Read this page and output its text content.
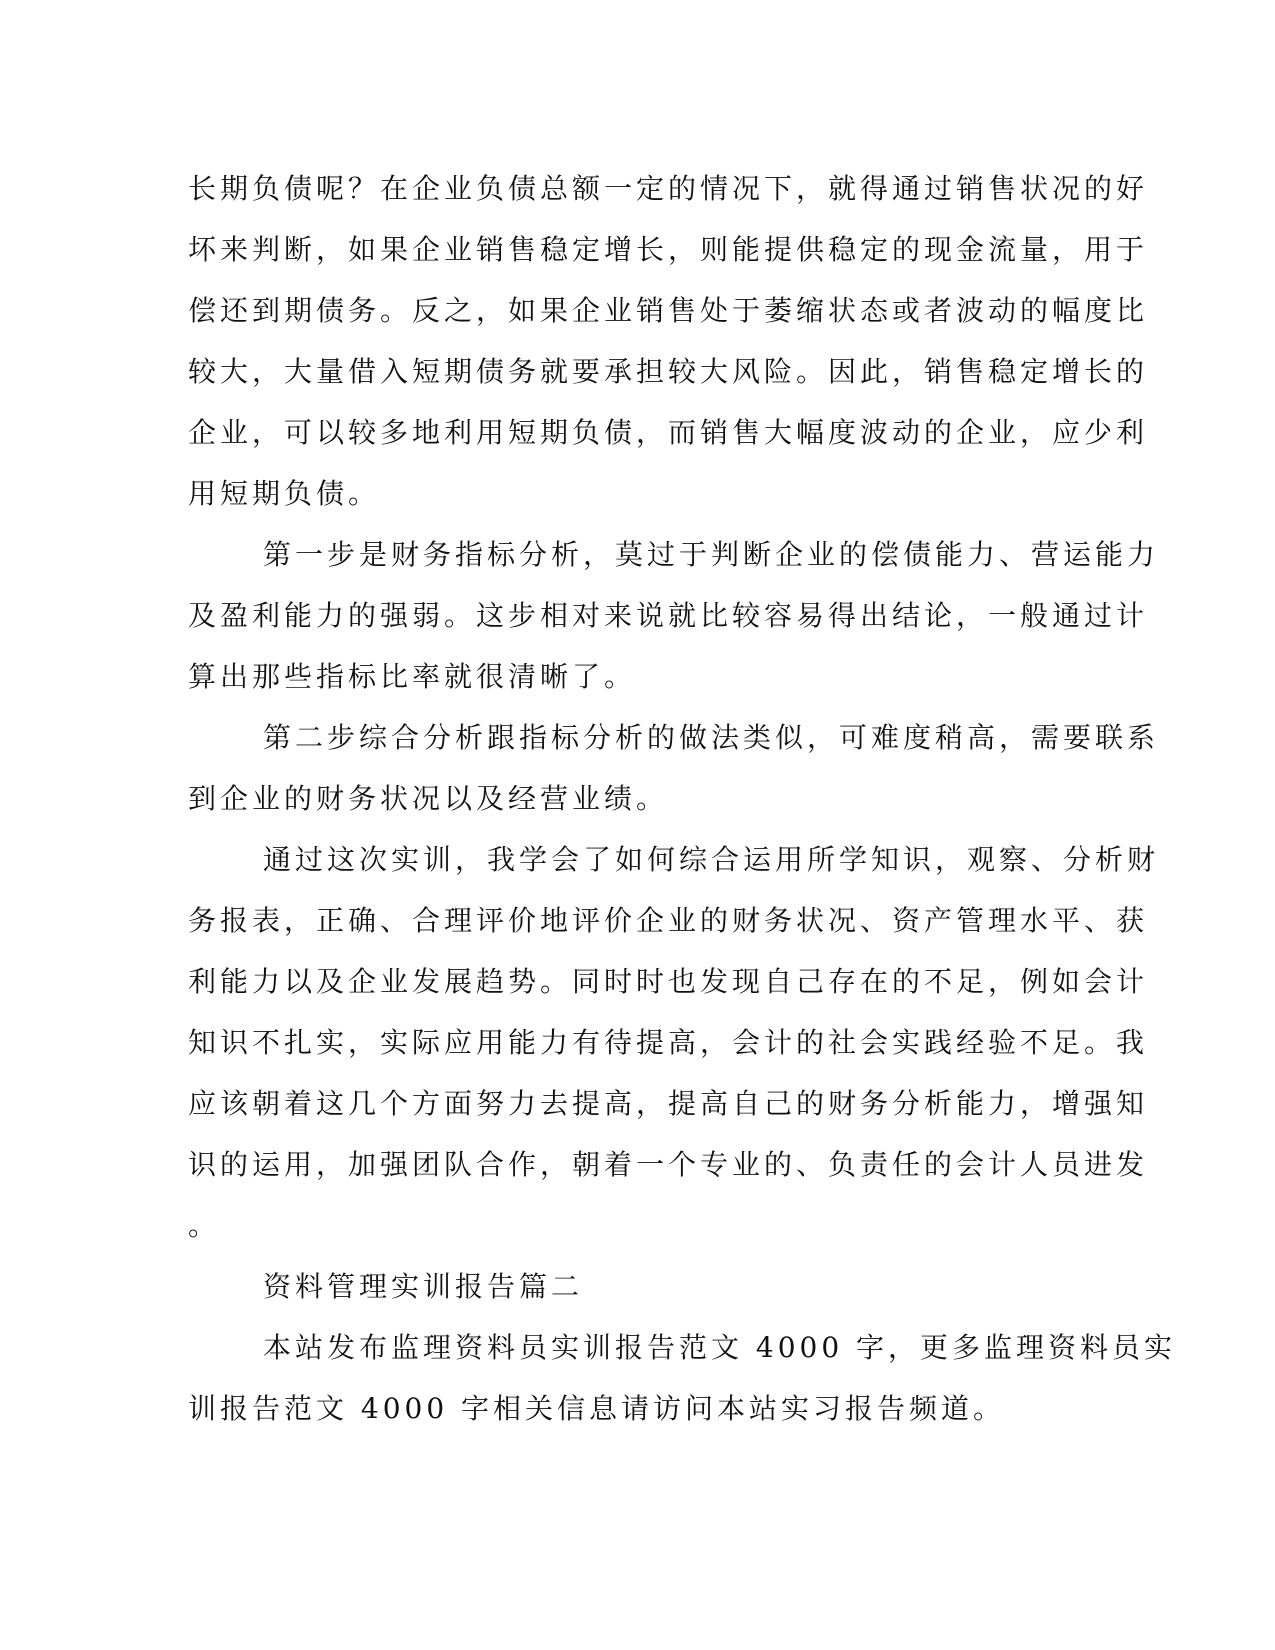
长期负债呢？在企业负债总额一定的情况下，就得通过销售状况的好
坏来判断，如果企业销售稳定增长，则能提供稳定的现金流量，用于
偿还到期债务。反之，如果企业销售处于萎缩状态或者波动的幅度比
较大，大量借入短期债务就要承担较大风险。因此，销售稳定增长的
企业，可以较多地利用短期负债，而销售大幅度波动的企业，应少利
用短期负债。

第一步是财务指标分析，莫过于判断企业的偿债能力、营运能力
及盈利能力的强弱。这步相对来说就比较容易得出结论，一般通过计
算出那些指标比率就很清晰了。

第二步综合分析跟指标分析的做法类似，可难度稍高，需要联系
到企业的财务状况以及经营业绩。

通过这次实训，我学会了如何综合运用所学知识，观察、分析财
务报表，正确、合理评价地评价企业的财务状况、资产管理水平、获
利能力以及企业发展趋势。同时时也发现自己存在的不足，例如会计
知识不扎实，实际应用能力有待提高，会计的社会实践经验不足。我
应该朝着这几个方面努力去提高，提高自己的财务分析能力，增强知
识的运用，加强团队合作，朝着一个专业的、负责任的会计人员进发
。

资料管理实训报告篇二

本站发布监理资料员实训报告范文 4000 字，更多监理资料员实
训报告范文 4000 字相关信息请访问本站实习报告频道。
